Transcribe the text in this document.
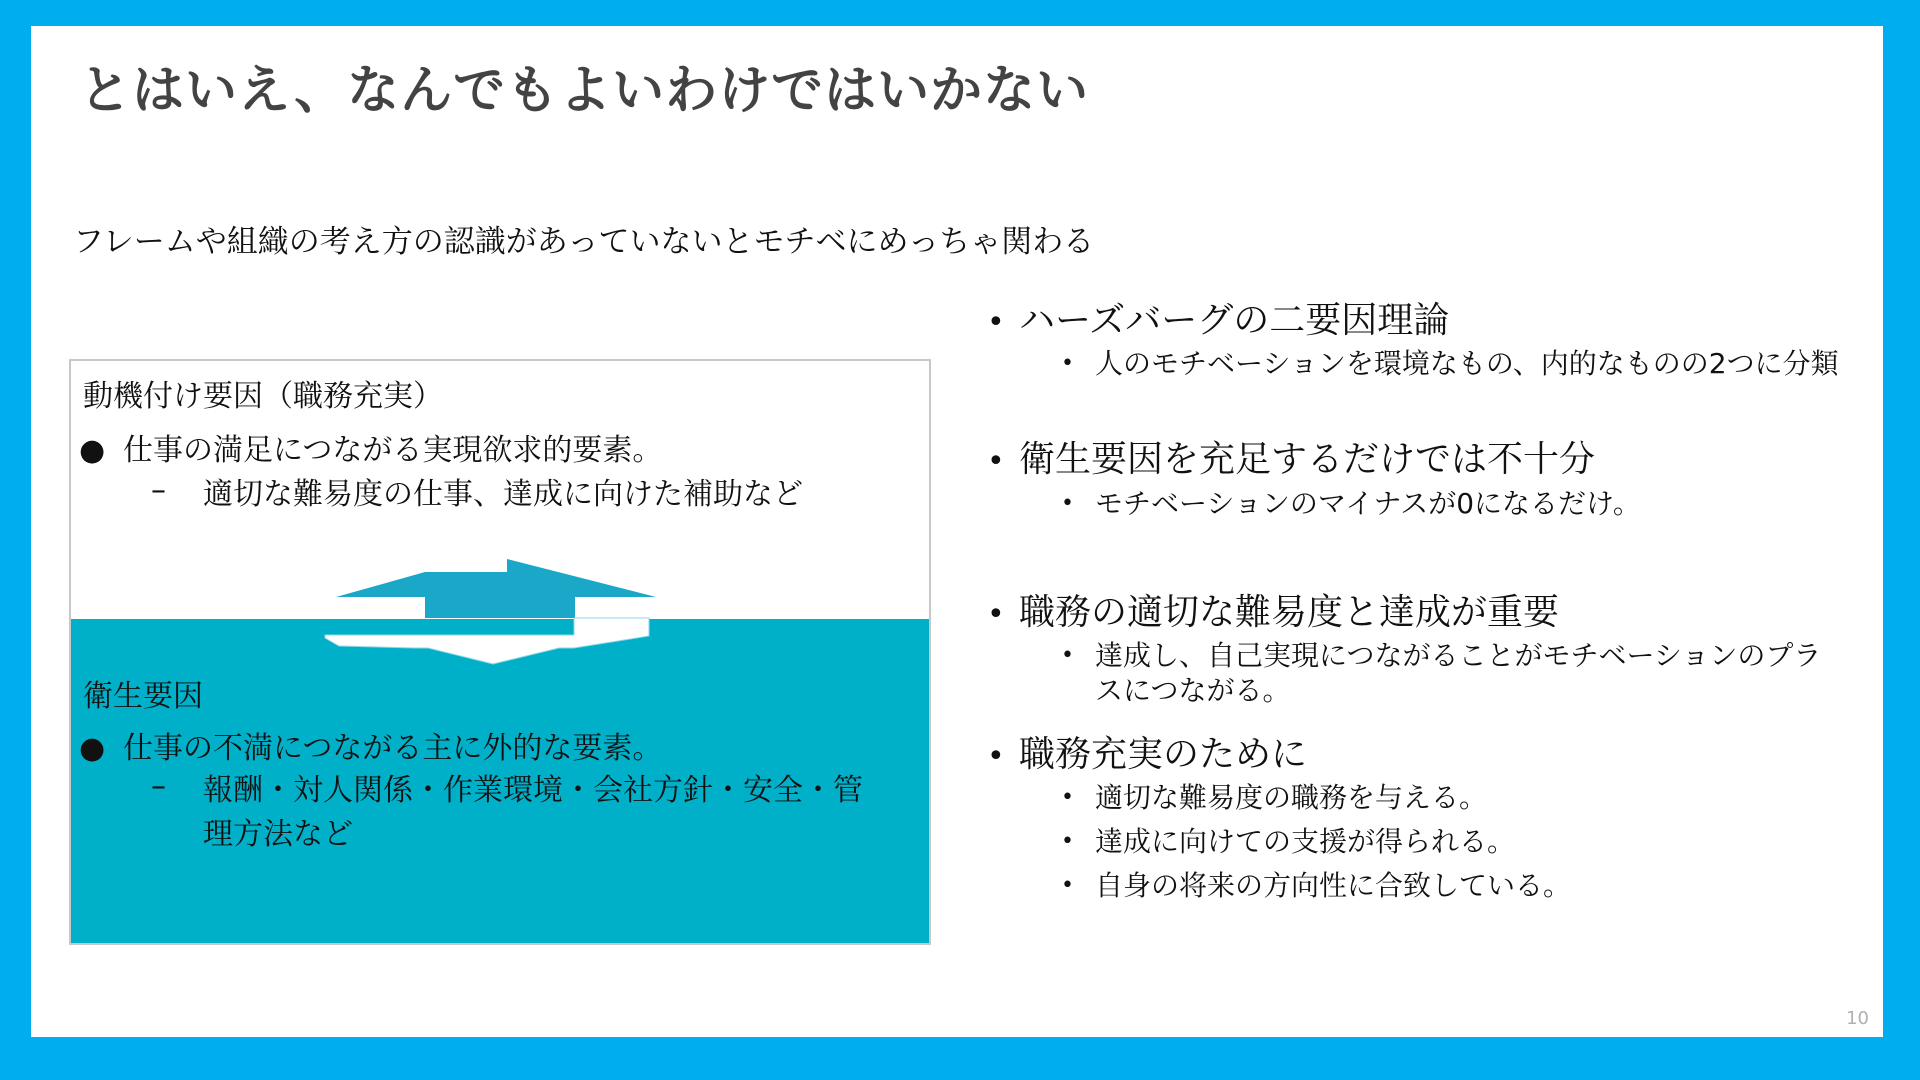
とはいえ、なんでもよいわけではいかない
フレームや組織の考え方の認識があっていないとモチベにめっちゃ関わる
動機付け要因（職務充実）
● 仕事の満足につながる実現欲求的要素。
–	適切な難易度の仕事、達成に向けた補助など
衛生要因
● 仕事の不満につながる主に外的な要素。
–	報酬・対人関係・作業環境・会社方針・安全・管理方法など
• ハーズバーグの二要因理論
• 人のモチベーションを環境なもの、内的なものの2つに分類
• 衛生要因を充足するだけでは不十分
• モチベーションのマイナスが0になるだけ。
• 職務の適切な難易度と達成が重要
• 達成し、自己実現につながることがモチベーションのプラスにつながる。
• 職務充実のために
• 適切な難易度の職務を与える。
• 達成に向けての支援が得られる。
• 自身の将来の方向性に合致している。
10
